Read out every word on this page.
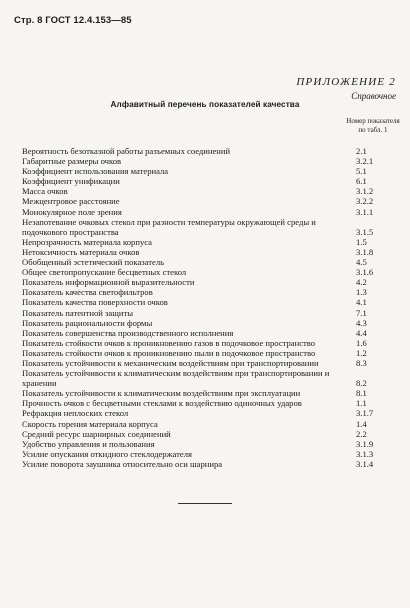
Стр. 8 ГОСТ 12.4.153—85
ПРИЛОЖЕНИЕ 2
Справочное
Алфавитный перечень показателей качества
Номер показателя по табл. 1
Вероятность безотказной работы разъемных соединений	2.1
Габаритные размеры очков	3.2.1
Коэффициент использования материала	5.1
Коэффициент унификации	6.1
Масса очков	3.1.2
Межцентровое расстояние	3.2.2
Монокулярное поле зрения	3.1.1
Незапотевание очковых стекол при разности температуры окружающей среды и подочкового пространства	3.1.5
Непрозрачность материала корпуса	1.5
Нетоксичность материала очков	3.1.8
Обобщенный эстетический показатель	4.5
Общее светопропускание бесцветных стекол	3.1.6
Показатель информационной выразительности	4.2
Показатель качества светофильтров	1.3
Показатель качества поверхности очков	4.1
Показатель патентной защиты	7.1
Показатель рациональности формы	4.3
Показатель совершенства производственного исполнения	4.4
Показатель стойкости очков к проникновению газов в подочковое пространство	1.6
Показатель стойкости очков к проникновению пыли в подочковое пространство	1.2
Показатель устойчивости к механическим воздействиям при транспортировании	8.3
Показатель устойчивости к климатическим воздействиям при транспортировании и хранении	8.2
Показатель устойчивости к климатическим воздействиям при эксплуатации	8.1
Прочность очков с бесцветными стеклами к воздействию одиночных ударов	1.1
Рефракция неплоских стекол	3.1.7
Скорость горения материала корпуса	1.4
Средний ресурс шарнирных соединений	2.2
Удобство управления и пользования	3.1.9
Усилие опускания откидного стеклодержателя	3.1.3
Усилие поворота заушника относительно оси шарнира	3.1.4
